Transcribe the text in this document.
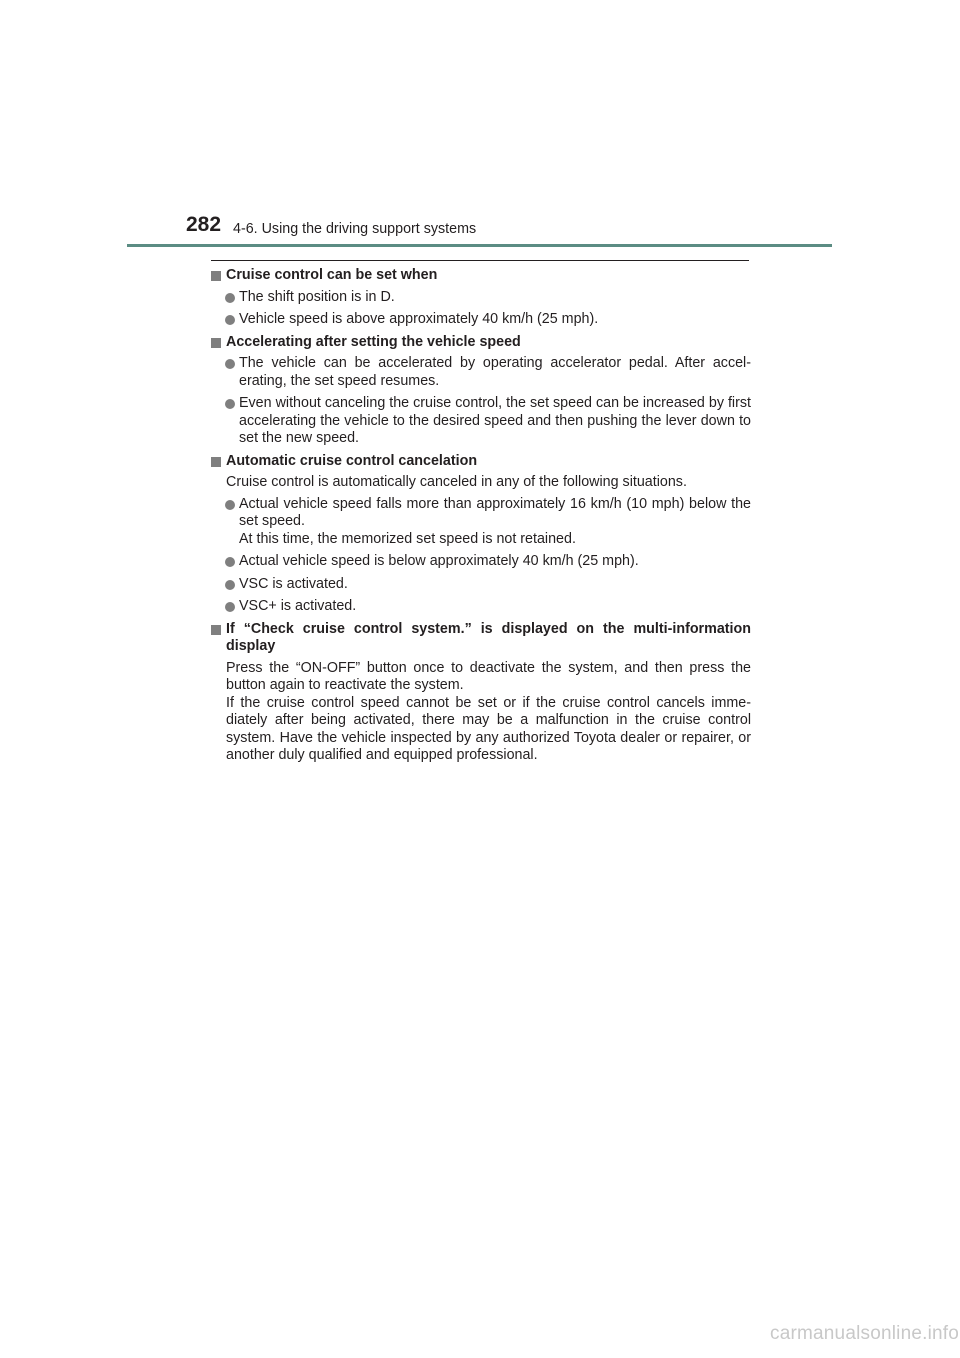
282 4-6. Using the driving support systems
Cruise control can be set when
The shift position is in D.
Vehicle speed is above approximately 40 km/h (25 mph).
Accelerating after setting the vehicle speed
The vehicle can be accelerated by operating accelerator pedal. After accel- erating, the set speed resumes.
Even without canceling the cruise control, the set speed can be increased by first accelerating the vehicle to the desired speed and then pushing the lever down to set the new speed.
Automatic cruise control cancelation
Cruise control is automatically canceled in any of the following situations.
Actual vehicle speed falls more than approximately 16 km/h (10 mph) below the set speed.
At this time, the memorized set speed is not retained.
Actual vehicle speed is below approximately 40 km/h (25 mph).
VSC is activated.
VSC+ is activated.
If “Check cruise control system.” is displayed on the multi-information display
Press the “ON-OFF” button once to deactivate the system, and then press the button again to reactivate the system.
If the cruise control speed cannot be set or if the cruise control cancels imme- diately after being activated, there may be a malfunction in the cruise control system. Have the vehicle inspected by any authorized Toyota dealer or repairer, or another duly qualified and equipped professional.
carmanualsonline.info
